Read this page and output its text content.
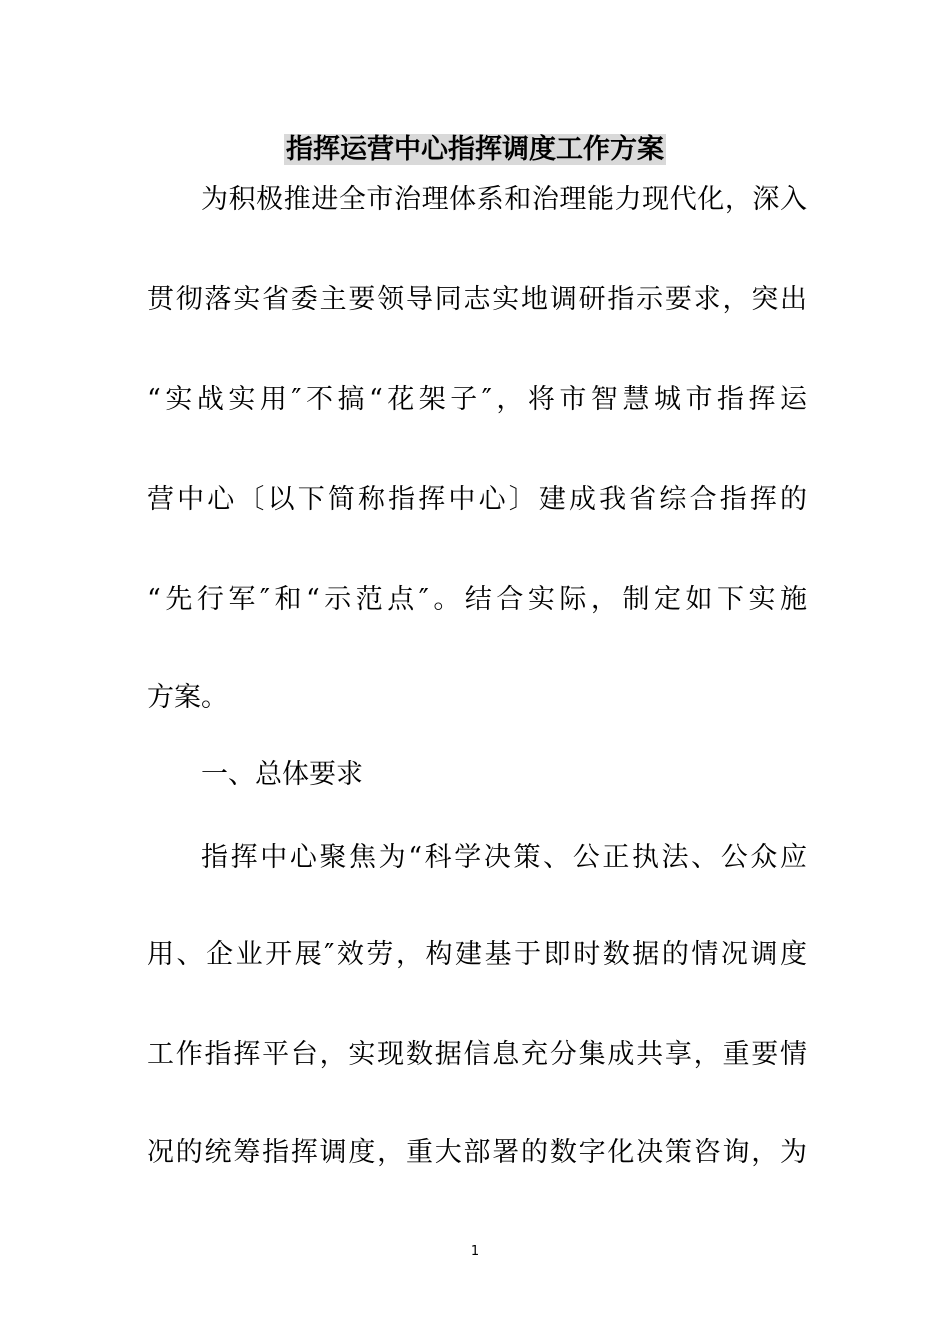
指挥运营中心指挥调度工作方案

为积极推进全市治理体系和治理能力现代化，深入

贯彻落实省委主要领导同志实地调研指示要求，突出

“实战实用″不搞“花架子″，将市智慧城市指挥运

营中心〔以下简称指挥中心〕建成我省综合指挥的

“先行军″和“示范点″。结合实际，制定如下实施

方案。

一、总体要求

指挥中心聚焦为“科学决策、公正执法、公众应

用、企业开展″效劳，构建基于即时数据的情况调度

工作指挥平台，实现数据信息充分集成共享，重要情

况的统筹指挥调度，重大部署的数字化决策咨询，为

1
